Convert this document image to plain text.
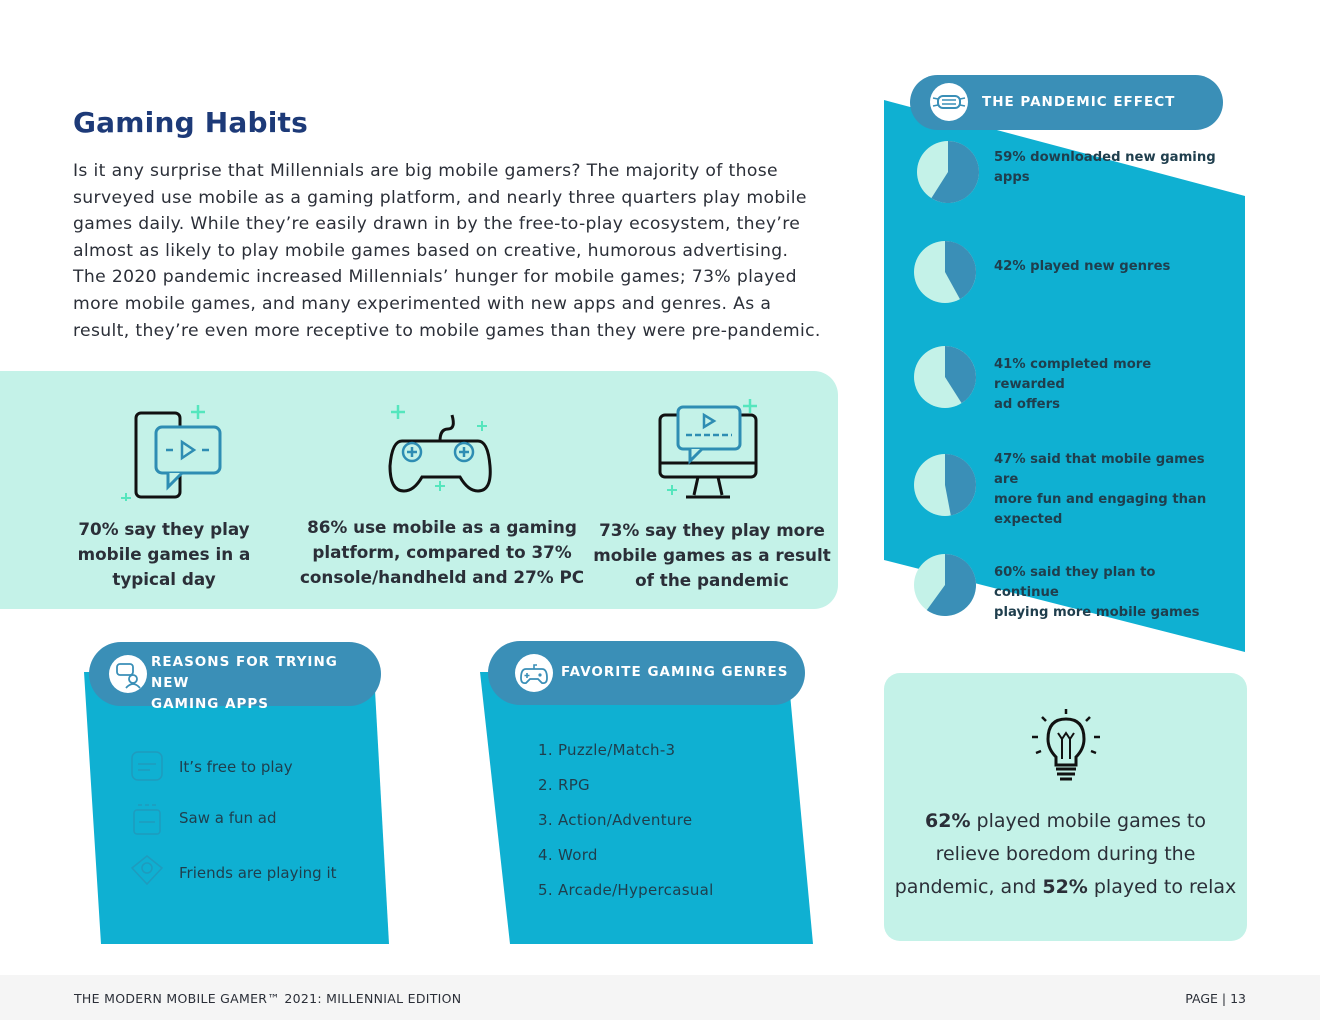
Gaming Habits

Is it any surprise that Millennials are big mobile gamers? The majority of those surveyed use mobile as a gaming platform, and nearly three quarters play mobile games daily. While they’re easily drawn in by the free-to-play ecosystem, they’re almost as likely to play mobile games based on creative, humorous advertising. The 2020 pandemic increased Millennials’ hunger for mobile games; 73% played more mobile games, and many experimented with new apps and genres. As a result, they’re even more receptive to mobile games than they were pre-pandemic.

70% say they play
mobile games in a
typical day
86% use mobile as a gaming
platform, compared to 37%
console/handheld and 27% PC
73% say they play more
mobile games as a result
of the pandemic
THE PANDEMIC EFFECT
59% downloaded new gaming
apps
42% played new genres
41% completed more rewarded
ad offers
47% said that mobile games are
more fun and engaging than
expected
60% said they plan to continue
playing more mobile games
REASONS FOR TRYING NEW
GAMING APPS
It’s free to play
Saw a fun ad
Friends are playing it
FAVORITE GAMING GENRES
1. Puzzle/Match-3
2. RPG
3. Action/Adventure
4. Word
5. Arcade/Hypercasual
62% played mobile games to
relieve boredom during the
pandemic, and 52% played to relax
THE MODERN MOBILE GAMER™ 2021: MILLENNIAL EDITION	PAGE | 13
